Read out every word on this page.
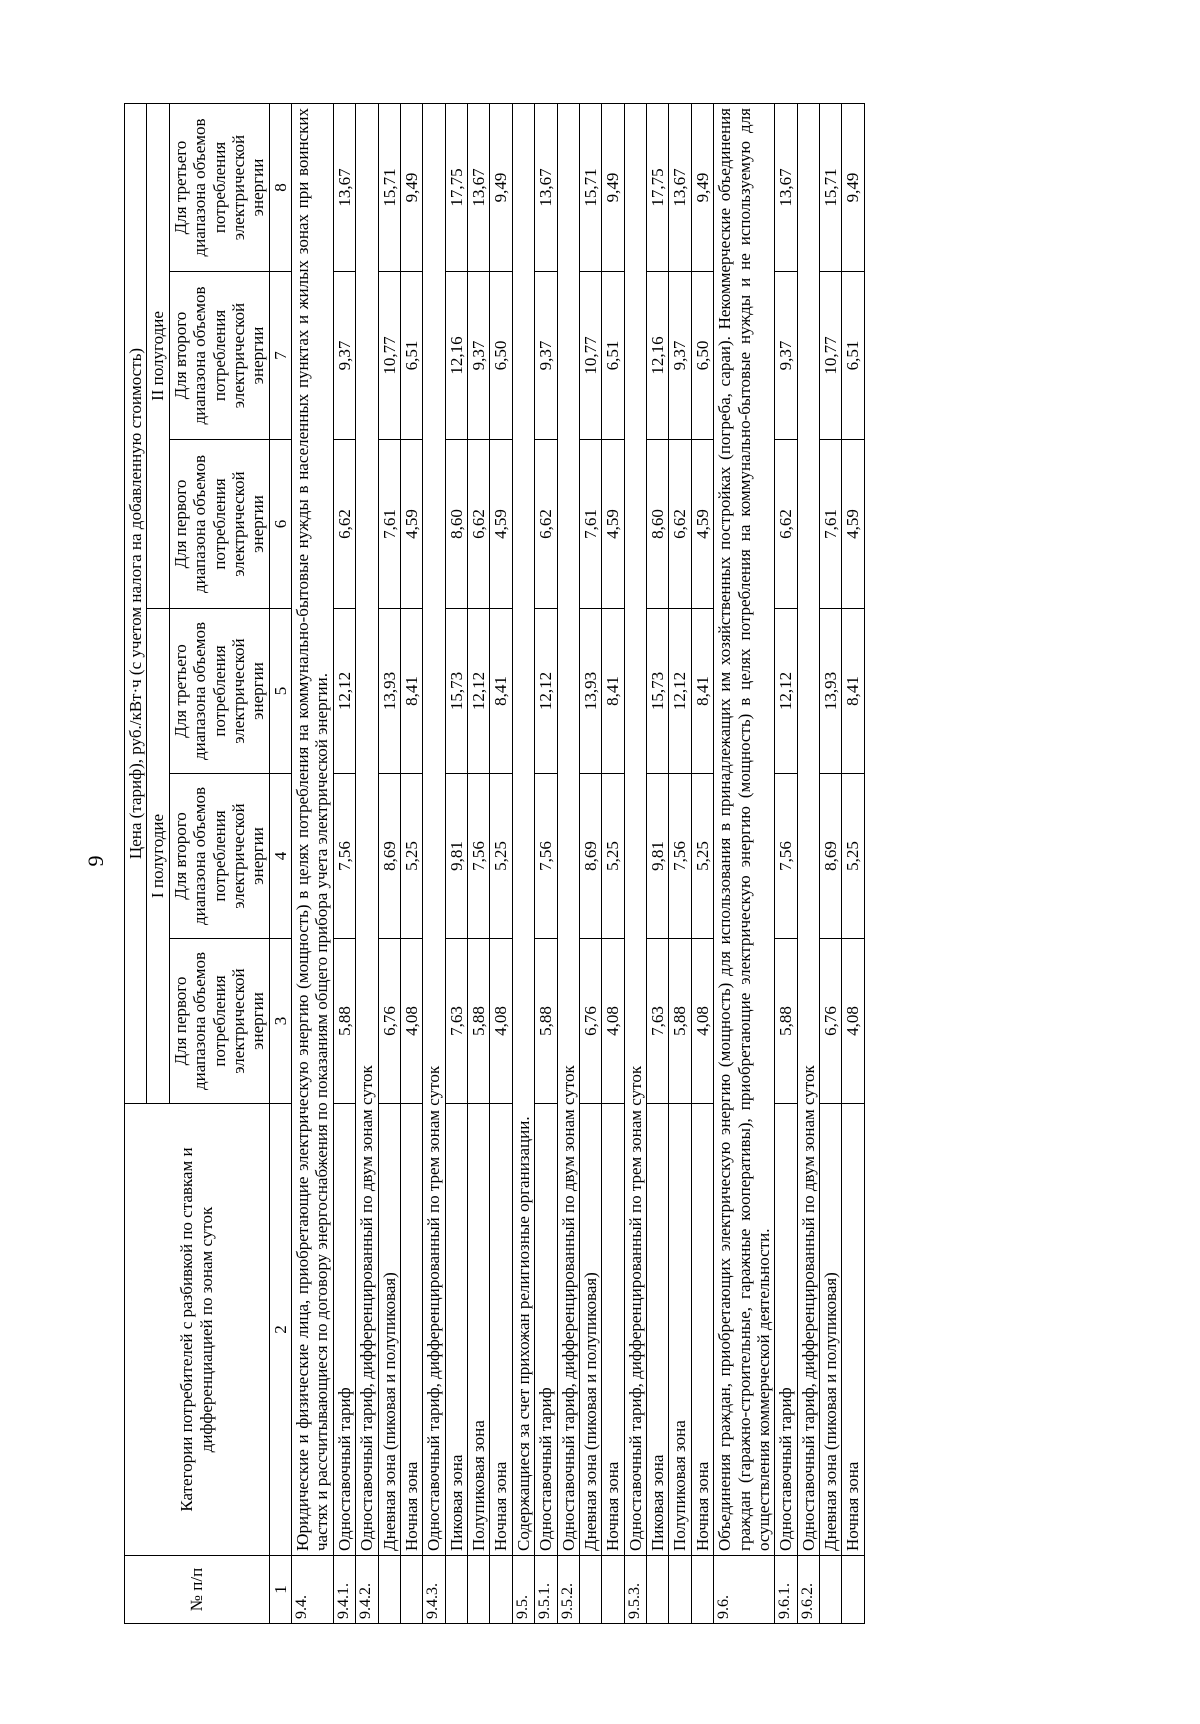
9
№ п/п	Категории потребителей с разбивкой по ставкам и дифференциацией по зонам суток	Цена (тариф), руб./кВт·ч (с учетом налога на добавленную стоимость)					
		I полугодие			II полугодие		
		Для первого диапазона объемов потребления электрической энергии	Для второго диапазона объемов потребления электрической энергии	Для третьего диапазона объемов потребления электрической энергии	Для первого диапазона объемов потребления электрической энергии	Для второго диапазона объемов потребления электрической энергии	Для третьего диапазона объемов потребления электрической энергии
1	2	3	4	5	6	7	8
9.4.	Юридические и физические лица, приобретающие электрическую энергию (мощность) в целях потребления на коммунально-бытовые нужды в населенных пунктах и жилых зонах при воинских частях и рассчитывающиеся по договору энергоснабжения по показаниям общего прибора учета электрической энергии.						
9.4.1.	Одноставочный тариф	5,88	7,56	12,12	6,62	9,37	13,67
9.4.2.	Одноставочный тариф, дифференцированный по двум зонам суток						
	Дневная зона (пиковая и полупиковая)	6,76	8,69	13,93	7,61	10,77	15,71
	Ночная зона	4,08	5,25	8,41	4,59	6,51	9,49
9.4.3.	Одноставочный тариф, дифференцированный по трем зонам суток						
	Пиковая зона	7,63	9,81	15,73	8,60	12,16	17,75
	Полупиковая зона	5,88	7,56	12,12	6,62	9,37	13,67
	Ночная зона	4,08	5,25	8,41	4,59	6,50	9,49
9.5.	Содержащиеся за счет прихожан религиозные организации.						
9.5.1.	Одноставочный тариф	5,88	7,56	12,12	6,62	9,37	13,67
9.5.2.	Одноставочный тариф, дифференцированный по двум зонам суток						
	Дневная зона (пиковая и полупиковая)	6,76	8,69	13,93	7,61	10,77	15,71
	Ночная зона	4,08	5,25	8,41	4,59	6,51	9,49
9.5.3.	Одноставочный тариф, дифференцированный по трем зонам суток						
	Пиковая зона	7,63	9,81	15,73	8,60	12,16	17,75
	Полупиковая зона	5,88	7,56	12,12	6,62	9,37	13,67
	Ночная зона	4,08	5,25	8,41	4,59	6,50	9,49
9.6.	Объединения граждан, приобретающих электрическую энергию (мощность) для использования в принадлежащих им хозяйственных постройках (погреба, сараи). Некоммерческие объединения граждан (гаражно-строительные, гаражные кооперативы), приобретающие электрическую энергию (мощность) в целях потребления на коммунально-бытовые нужды и не используемую для осуществления коммерческой деятельности.						
9.6.1.	Одноставочный тариф	5,88	7,56	12,12	6,62	9,37	13,67
9.6.2.	Одноставочный тариф, дифференцированный по двум зонам суток						
	Дневная зона (пиковая и полупиковая)	6,76	8,69	13,93	7,61	10,77	15,71
	Ночная зона	4,08	5,25	8,41	4,59	6,51	9,49
